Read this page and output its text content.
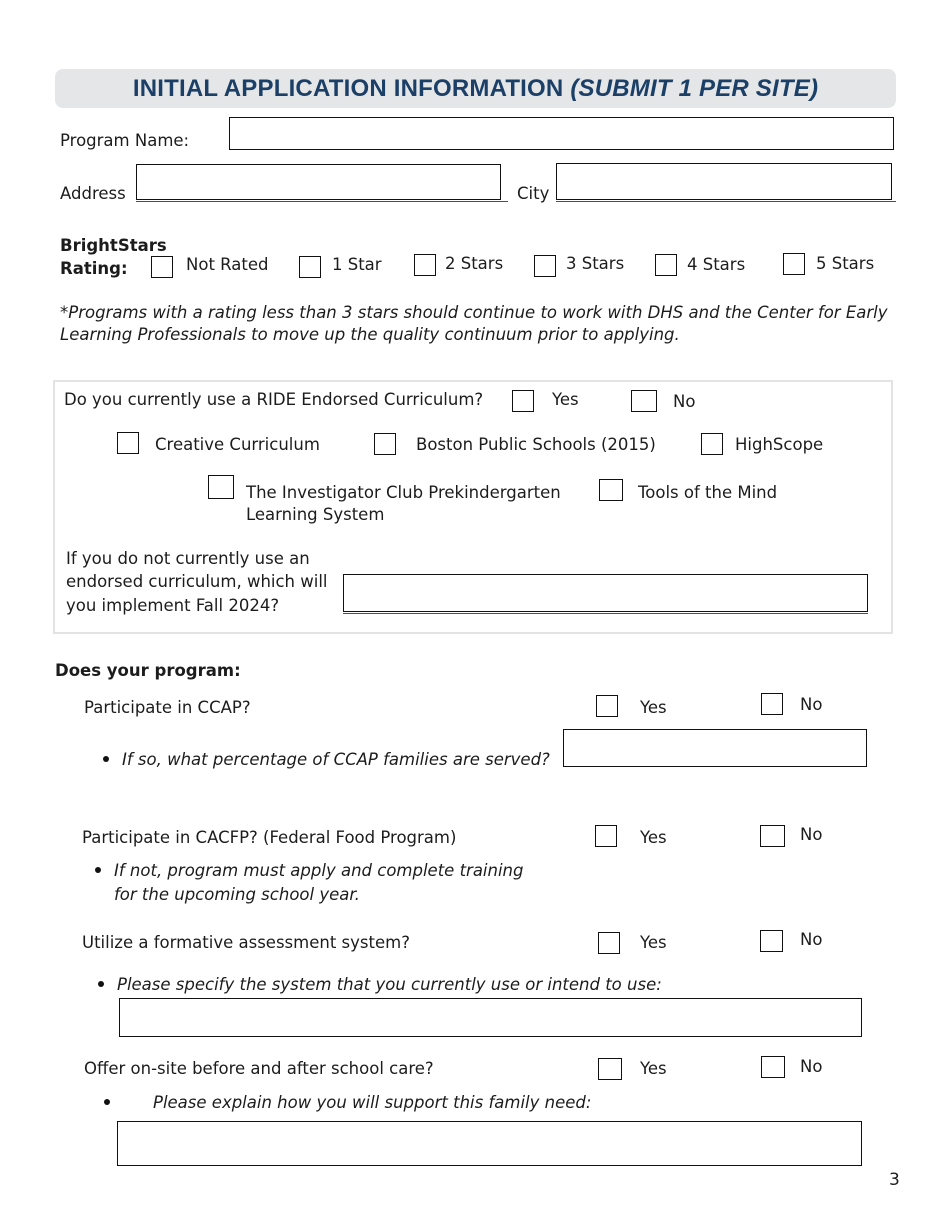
INITIAL APPLICATION INFORMATION (SUBMIT 1 PER SITE)
Program Name:
Address	City
BrightStars
Rating:	Not Rated	1 Star	2 Stars	3 Stars	4 Stars	5 Stars
*Programs with a rating less than 3 stars should continue to work with DHS and the Center for Early
Learning Professionals to move up the quality continuum prior to applying.
Do you currently use a RIDE Endorsed Curriculum?	Yes	No
Creative Curriculum	Boston Public Schools (2015)	HighScope
The Investigator Club Prekindergarten
Learning System
Tools of the Mind
If you do not currently use an
endorsed curriculum, which will
you implement Fall 2024?
Does your program:
Participate in CCAP?	Yes	No
If so, what percentage of CCAP families are served?
Participate in CACFP? (Federal Food Program)	Yes	No
If not, program must apply and complete training
for the upcoming school year.
Utilize a formative assessment system?	Yes	No
Please specify the system that you currently use or intend to use:
Offer on-site before and after school care?	Yes	No
Please explain how you will support this family need:
3
